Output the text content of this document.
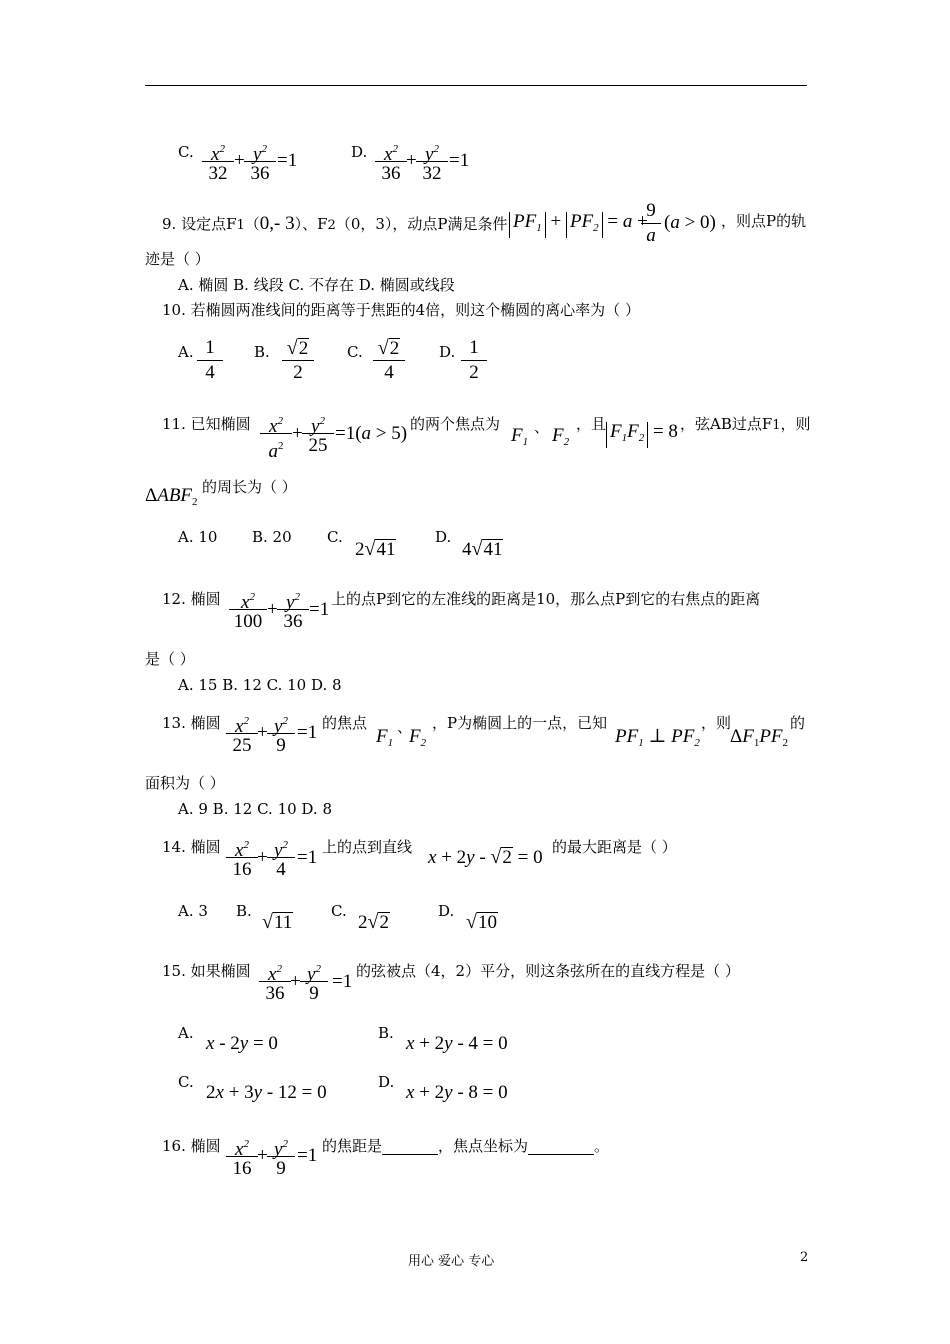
C. $x^2$
32
+ $y^2$
36
=1	D. $x^2$
36
+ $y^2$
32
=1
9. 设定点F1（0,- 3）、F2（0，3），动点P满足条件 $PF_1 + PF_2 = a$ +
9
a
(a > 0) ，则点P的轨
迹是（ ）
A. 椭圆 B. 线段 C. 不存在 D. 椭圆或线段
10. 若椭圆两准线间的距离等于焦距的4倍，则这个椭圆的离心率为（ ）
A. 1
4
B. √2
2
C. √2
4
D. 1
2
11. 已知椭圆 $x^2$
$a^2$
+ $y^2$
25
=1(a > 5) 的两个焦点为
$F_1$
、 $F_2$
，且 $F_1F_2 = 8$ ，弦AB过点F1，则
$\Delta ABF_2$
的周长为（ ）
A. 10 B. 20 C.
2√41
D.
4√41
12. 椭圆	$x^2$
100
+ $y^2$
36
=1 上的点P到它的左准线的距离是10，那么点P到它的右焦点的距离
是（ ）
A. 15 B. 12 C. 10 D. 8
13. 椭圆 $x^2$
25
+ $y^2$
9
=1 的焦点
$F_1$
、
$F_2$
，P为椭圆上的一点，已知
$PF_1$ ⊥ $PF_2$
，则
$\Delta F_1PF_2$
的
面积为（ ）
A. 9 B. 12 C. 10 D. 8
14. 椭圆 $x^2$
16
+ $y^2$
4
=1 上的点到直线 x + 2y - √2 = 0 的最大距离是（ ）
A. 3 B. √11
C.
2√2
D. √10
15. 如果椭圆 $x^2$
36
+ $y^2$
9
=1 的弦被点（4，2）平分，则这条弦所在的直线方程是（ ）
A. x - 2y = 0	B. x + 2y - 4 = 0
C. 2x + 3y - 12 = 0	D. x + 2y - 8 = 0
16. 椭圆 $x^2$
16
+ $y^2$
9
=1 的焦距是	，焦点坐标为	。
用心 爱心 专心	2
